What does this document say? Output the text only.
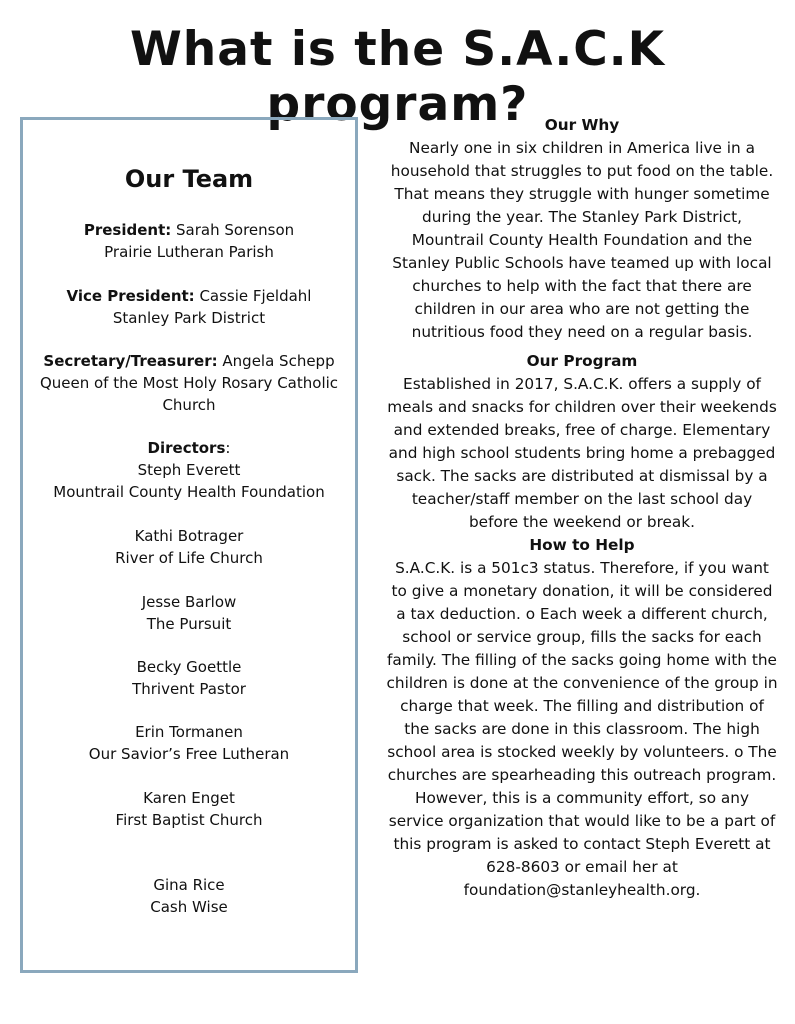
What is the S.A.C.K program?
Our Team
President: Sarah Sorenson
Prairie Lutheran Parish
Vice President: Cassie Fjeldahl
Stanley Park District
Secretary/Treasurer: Angela Schepp
Queen of the Most Holy Rosary Catholic Church
Directors:
Steph Everett
Mountrail County Health Foundation
Kathi Botrager
River of Life Church
Jesse Barlow
The Pursuit
Becky Goettle
Thrivent Pastor
Erin Tormanen
Our Savior’s Free Lutheran
Karen Enget
First Baptist Church
Gina Rice
Cash Wise
Our Why
Nearly one in six children in America live in a household that struggles to put food on the table. That means they struggle with hunger sometime during the year. The Stanley Park District, Mountrail County Health Foundation and the Stanley Public Schools have teamed up with local churches to help with the fact that there are children in our area who are not getting the nutritious food they need on a regular basis.
Our Program
Established in 2017, S.A.C.K. offers a supply of meals and snacks for children over their weekends and extended breaks, free of charge. Elementary and high school students bring home a prebagged sack. The sacks are distributed at dismissal by a teacher/staff member on the last school day before the weekend or break.
How to Help
S.A.C.K. is a 501c3 status. Therefore, if you want to give a monetary donation, it will be considered a tax deduction. o Each week a different church, school or service group, fills the sacks for each family. The filling of the sacks going home with the children is done at the convenience of the group in charge that week. The filling and distribution of the sacks are done in this classroom. The high school area is stocked weekly by volunteers. o The churches are spearheading this outreach program. However, this is a community effort, so any service organization that would like to be a part of this program is asked to contact Steph Everett at 628-8603 or email her at foundation@stanleyhealth.org.
